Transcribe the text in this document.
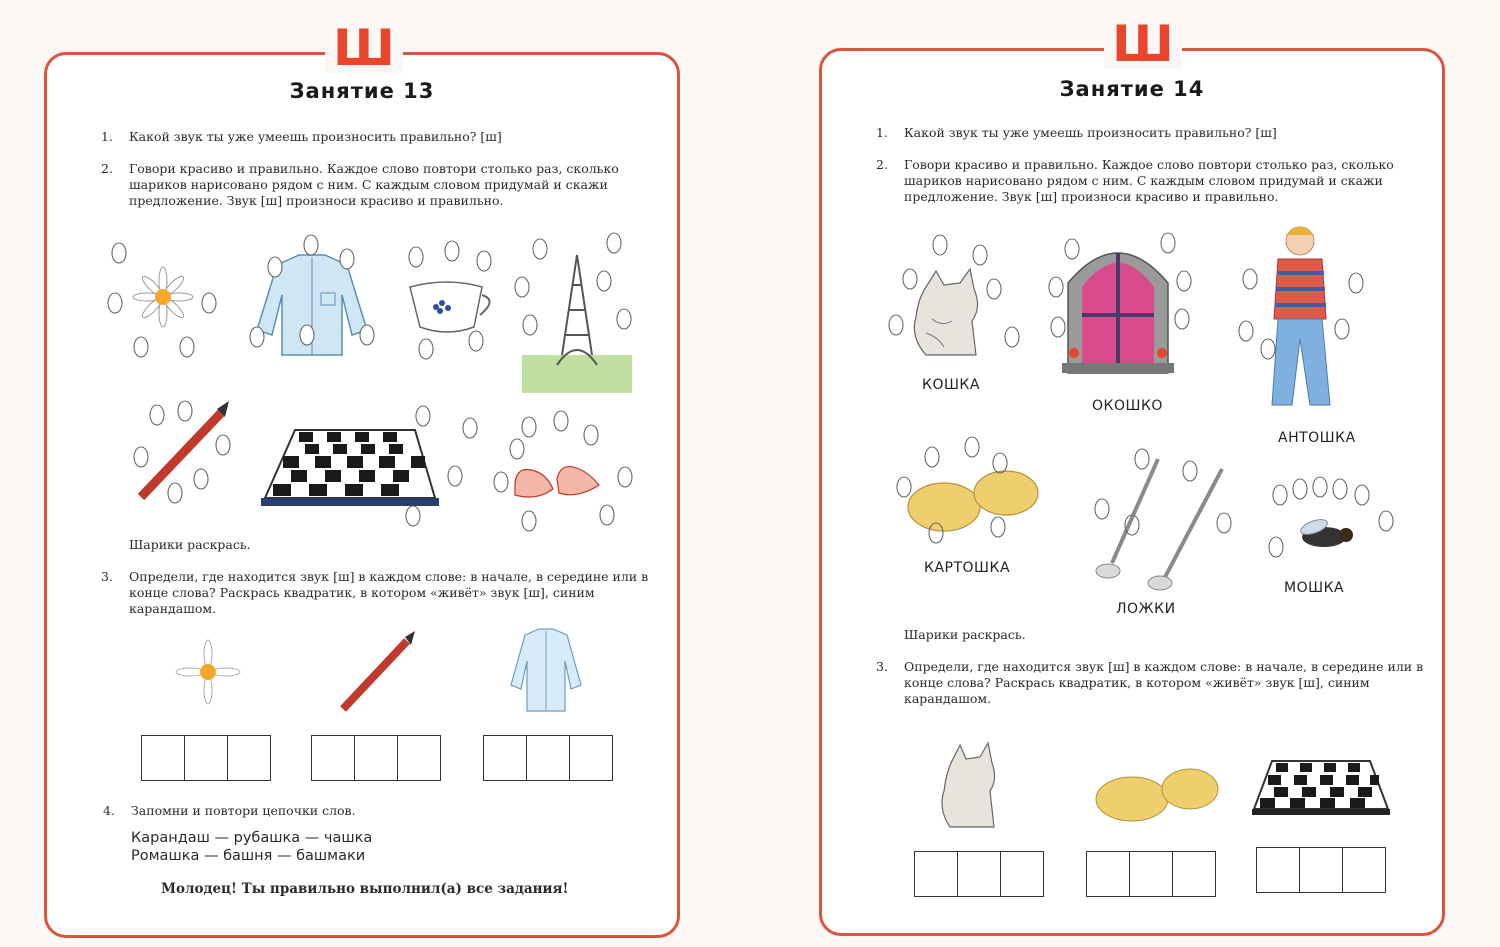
Ш
Занятие 13
1. Какой звук ты уже умеешь произносить правильно? [ш]
2. Говори красиво и правильно. Каждое слово повтори столько раз, сколько шариков нарисовано рядом с ним. С каждым словом придумай и скажи предложение. Звук [ш] произноси красиво и правильно.
Шарики раскрась.
3. Определи, где находится звук [ш] в каждом слове: в начале, в середине или в конце слова? Раскрась квадратик, в котором «живёт» звук [ш], синим карандашом.
4. Запомни и повтори цепочки слов.
Карандаш — рубашка — чашка
Ромашка — башня — башмаки
Молодец! Ты правильно выполнил(а) все задания!
Ш
Занятие 14
1. Какой звук ты уже умеешь произносить правильно? [ш]
2. Говори красиво и правильно. Каждое слово повтори столько раз, сколько шариков нарисовано рядом с ним. С каждым словом придумай и скажи предложение. Звук [ш] произноси красиво и правильно.
КОШКА
ОКОШКО
АНТОШКА
КАРТОШКА
ЛОЖКИ
МОШКА
Шарики раскрась.
3. Определи, где находится звук [ш] в каждом слове: в начале, в середине или в конце слова? Раскрась квадратик, в котором «живёт» звук [ш], синим карандашом.
